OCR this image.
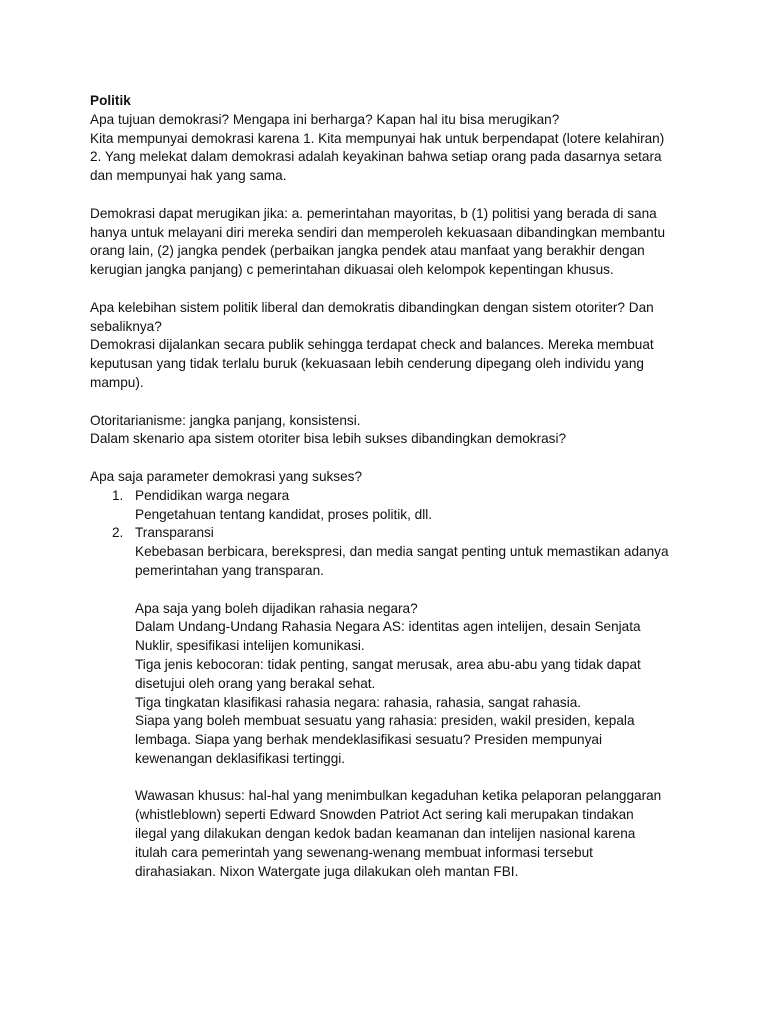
Politik

Apa tujuan demokrasi? Mengapa ini berharga? Kapan hal itu bisa merugikan?

Kita mempunyai demokrasi karena 1. Kita mempunyai hak untuk berpendapat (lotere kelahiran)

2. Yang melekat dalam demokrasi adalah keyakinan bahwa setiap orang pada dasarnya setara

dan mempunyai hak yang sama.

Demokrasi dapat merugikan jika: a. pemerintahan mayoritas, b (1) politisi yang berada di sana

hanya untuk melayani diri mereka sendiri dan memperoleh kekuasaan dibandingkan membantu

orang lain, (2) jangka pendek (perbaikan jangka pendek atau manfaat yang berakhir dengan

kerugian jangka panjang) c pemerintahan dikuasai oleh kelompok kepentingan khusus.

Apa kelebihan sistem politik liberal dan demokratis dibandingkan dengan sistem otoriter? Dan

sebaliknya?

Demokrasi dijalankan secara publik sehingga terdapat check and balances. Mereka membuat

keputusan yang tidak terlalu buruk (kekuasaan lebih cenderung dipegang oleh individu yang

mampu).

Otoritarianisme: jangka panjang, konsistensi.

Dalam skenario apa sistem otoriter bisa lebih sukses dibandingkan demokrasi?

Apa saja parameter demokrasi yang sukses?

1. Pendidikan warga negara

Pengetahuan tentang kandidat, proses politik, dll.

2. Transparansi

Kebebasan berbicara, berekspresi, dan media sangat penting untuk memastikan adanya

pemerintahan yang transparan.

Apa saja yang boleh dijadikan rahasia negara?

Dalam Undang-Undang Rahasia Negara AS: identitas agen intelijen, desain Senjata

Nuklir, spesifikasi intelijen komunikasi.

Tiga jenis kebocoran: tidak penting, sangat merusak, area abu-abu yang tidak dapat

disetujui oleh orang yang berakal sehat.

Tiga tingkatan klasifikasi rahasia negara: rahasia, rahasia, sangat rahasia.

Siapa yang boleh membuat sesuatu yang rahasia: presiden, wakil presiden, kepala

lembaga. Siapa yang berhak mendeklasifikasi sesuatu? Presiden mempunyai

kewenangan deklasifikasi tertinggi.

Wawasan khusus: hal-hal yang menimbulkan kegaduhan ketika pelaporan pelanggaran

(whistleblown) seperti Edward Snowden Patriot Act sering kali merupakan tindakan

ilegal yang dilakukan dengan kedok badan keamanan dan intelijen nasional karena

itulah cara pemerintah yang sewenang-wenang membuat informasi tersebut

dirahasiakan. Nixon Watergate juga dilakukan oleh mantan FBI.
